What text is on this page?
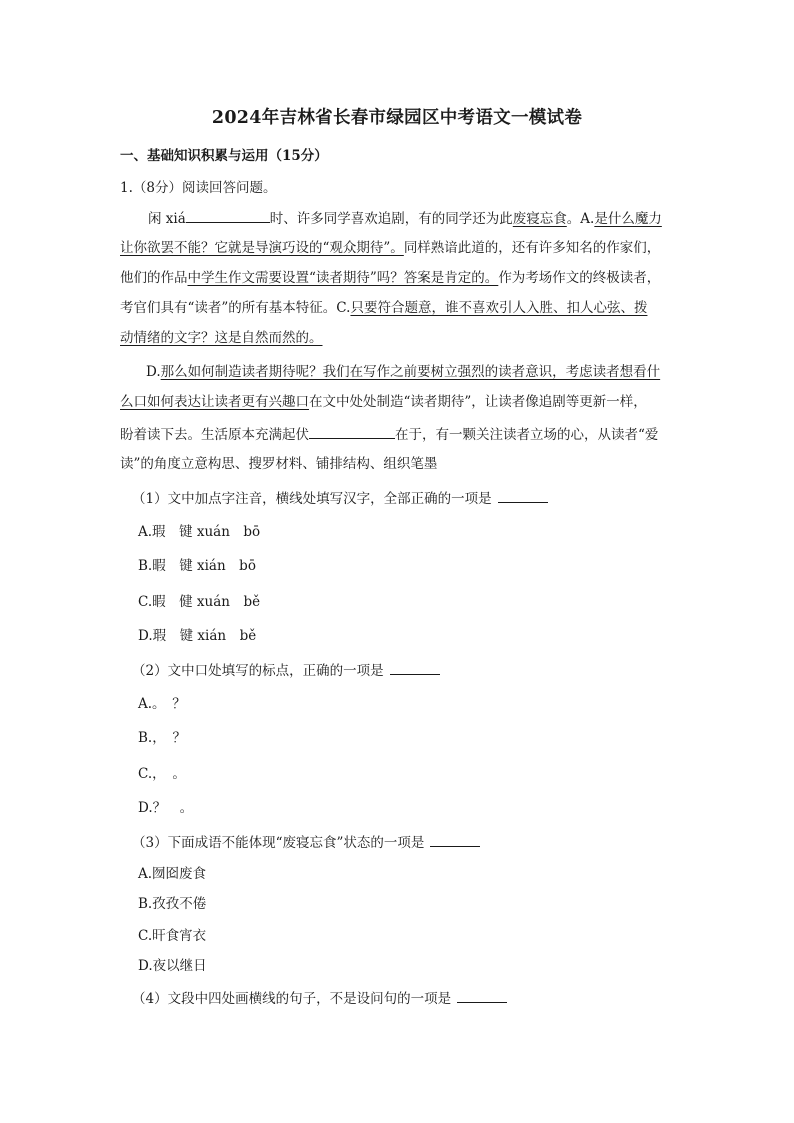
2024年吉林省长春市绿园区中考语文一模试卷
一、基础知识积累与运用（15分）
1.（8分）阅读回答问题。
闲 xiá	时、许多同学喜欢追剧，有的同学还为此废寝忘食。A.是什么魔力
让你欲罢不能？它就是导演巧设的“观众期待”。同样熟谙此道的，还有许多知名的作家们，
他们的作品中学生作文需要设置“读者期待”吗？答案是肯定的。作为考场作文的终极读者，
考官们具有“读者”的所有基本特征。C.只要符合题意，谁不喜欢引人入胜、扣人心弦、拨
动情绪的文字？这是自然而然的。
D.那么如何制造读者期待呢？我们在写作之前要树立强烈的读者意识，考虑读者想看什
么口如何表达让读者更有兴趣口在文中处处制造“读者期待”，让读者像追剧等更新一样，
盼着读下去。生活原本充满起伏	在于，有一颗关注读者立场的心，从读者“爱
读”的角度立意构思、搜罗材料、铺排结构、组织笔墨
（1）文中加点字注音，横线处填写汉字，全部正确的一项是
A.瑕　键 xuán　bō
B.暇　键 xián　bō
C.暇　健 xuán　bě
D.瑕　键 xián　bě
（2）文中口处填写的标点，正确的一项是
A.。　？
B.，　？
C.，　。
D.？　。
（3）下面成语不能体现“废寝忘食”状态的一项是
A.囫囵废食
B.孜孜不倦
C.旰食宵衣
D.夜以继日
（4）文段中四处画横线的句子，不是设问句的一项是
